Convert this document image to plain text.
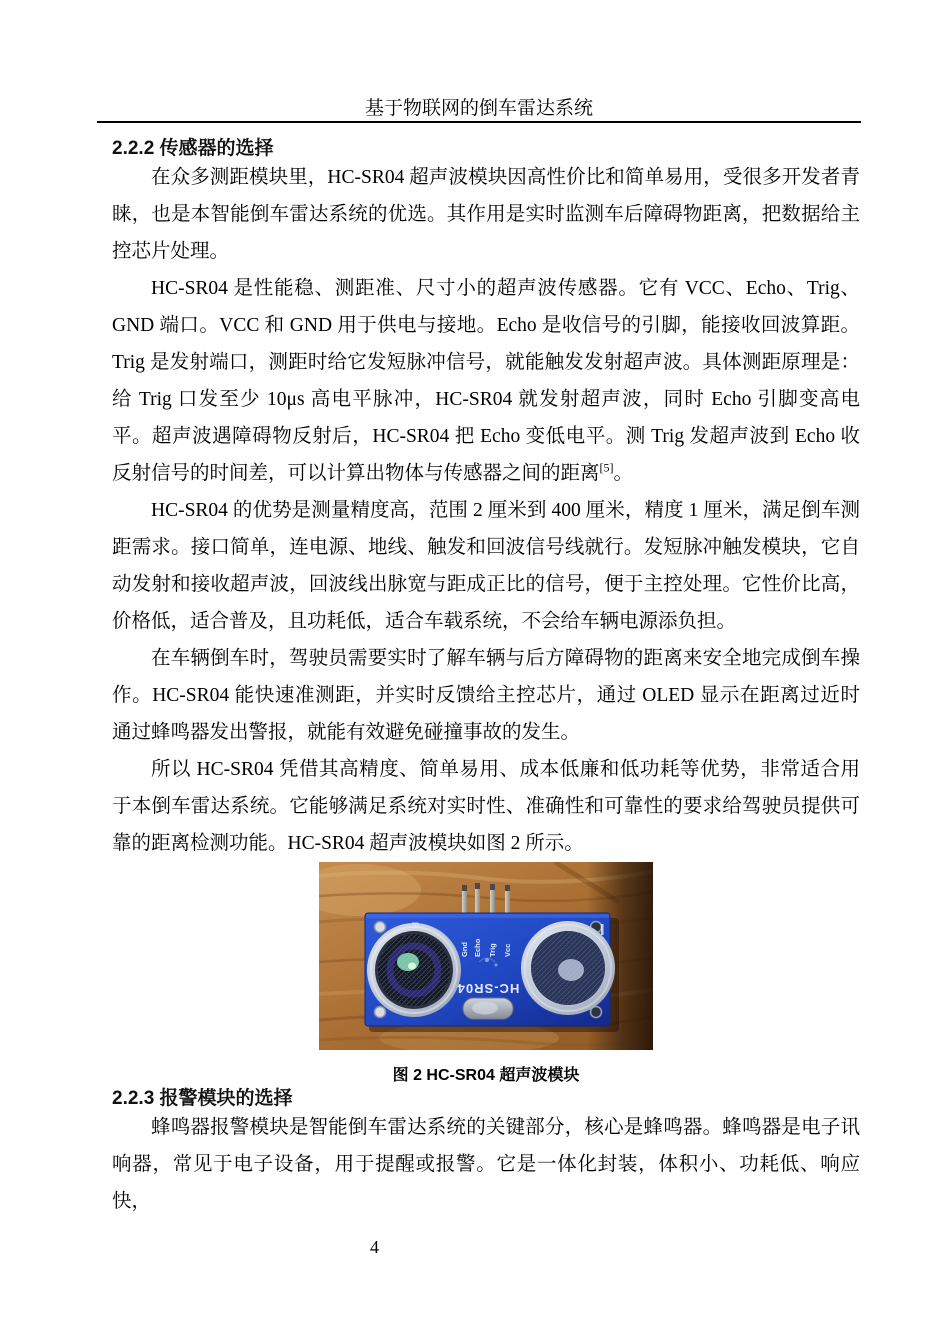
基于物联网的倒车雷达系统
2.2.2 传感器的选择

在众多测距模块里，HC-SR04 超声波模块因高性价比和简单易用，受很多开发者青睐，也是本智能倒车雷达系统的优选。其作用是实时监测车后障碍物距离，把数据给主控芯片处理。

HC-SR04 是性能稳、测距准、尺寸小的超声波传感器。它有 VCC、Echo、Trig、GND 端口。VCC 和 GND 用于供电与接地。Echo 是收信号的引脚，能接收回波算距。Trig 是发射端口，测距时给它发短脉冲信号，就能触发发射超声波。具体测距原理是：给 Trig 口发至少 10μs 高电平脉冲，HC-SR04 就发射超声波，同时 Echo 引脚变高电平。超声波遇障碍物反射后，HC-SR04 把 Echo 变低电平。测 Trig 发超声波到 Echo 收反射信号的时间差，可以计算出物体与传感器之间的距离[5]。

HC-SR04 的优势是测量精度高，范围 2 厘米到 400 厘米，精度 1 厘米，满足倒车测距需求。接口简单，连电源、地线、触发和回波信号线就行。发短脉冲触发模块，它自动发射和接收超声波，回波线出脉宽与距成正比的信号，便于主控处理。它性价比高，价格低，适合普及，且功耗低，适合车载系统，不会给车辆电源添负担。

在车辆倒车时，驾驶员需要实时了解车辆与后方障碍物的距离来安全地完成倒车操作。HC-SR04 能快速准测距，并实时反馈给主控芯片，通过 OLED 显示在距离过近时通过蜂鸣器发出警报，就能有效避免碰撞事故的发生。

所以 HC-SR04 凭借其高精度、简单易用、成本低廉和低功耗等优势，非常适合用于本倒车雷达系统。它能够满足系统对实时性、准确性和可靠性的要求给驾驶员提供可靠的距离检测功能。HC-SR04 超声波模块如图 2 所示。

HC-SR04
Gnd Echo Trig Vcc
R
图 2 HC-SR04 超声波模块
2.2.3 报警模块的选择

蜂鸣器报警模块是智能倒车雷达系统的关键部分，核心是蜂鸣器。蜂鸣器是电子讯响器，常见于电子设备，用于提醒或报警。它是一体化封装，体积小、功耗低、响应快，

4
